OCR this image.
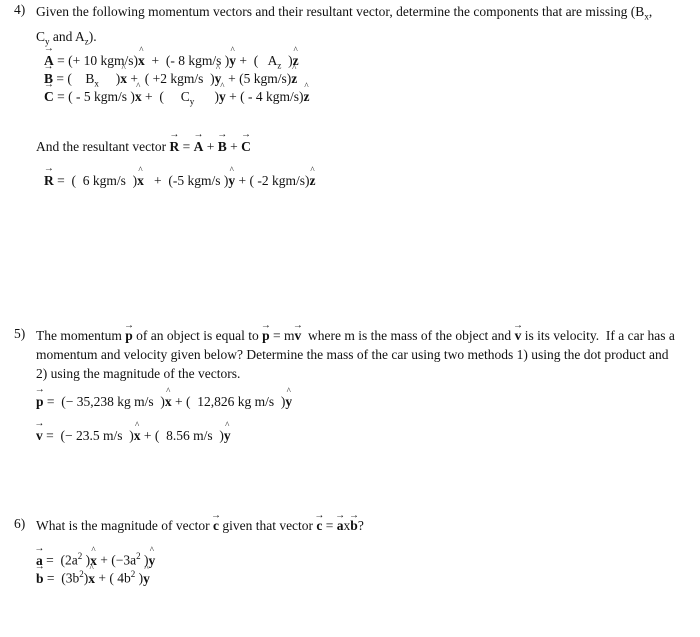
4) Given the following momentum vectors and their resultant vector, determine the components that are missing ($B_x$,
$C_y$ and $A_z$).
→ A = (+ 10 kgm/s)^ x  +  (- 8 kgm/s )^ y +  (   $A_z$  )^ z
→ B = (    $B_x$     )^ x +  ( +2 kgm/s  )^ y  + (5 kgm/s)^ z
→ C = ( - 5 kgm/s )^ x +  (     $C_y$      )^ y + ( - 4 kgm/s)^ z
And the resultant vector → R = → A + → B + → C
→ R =  (  6 kgm/s  )^ x   +  (-5 kgm/s )^ y + ( -2 kgm/s)^ z
5) The momentum → p of an object is equal to → p = m→ v  where m is the mass of the object and → v is its velocity.  If a car has a momentum and velocity given below? Determine the mass of the car using two methods 1) using the dot product and 2) using the magnitude of the vectors.
→ p =  (− 35,238 kg m/s  )^ x + (  12,826 kg m/s  )^ y
→ v =  (− 23.5 m/s  )^ x + (  8.56 m/s  )^ y
6) What is the magnitude of vector → c given that vector → c = → ax→ b?
→ $a = (2a^2$ )^ $x + (-3a^2$ )^ y
→ $b = (3b^2)\^{}$ x + ( $4b^2$ )^ y
